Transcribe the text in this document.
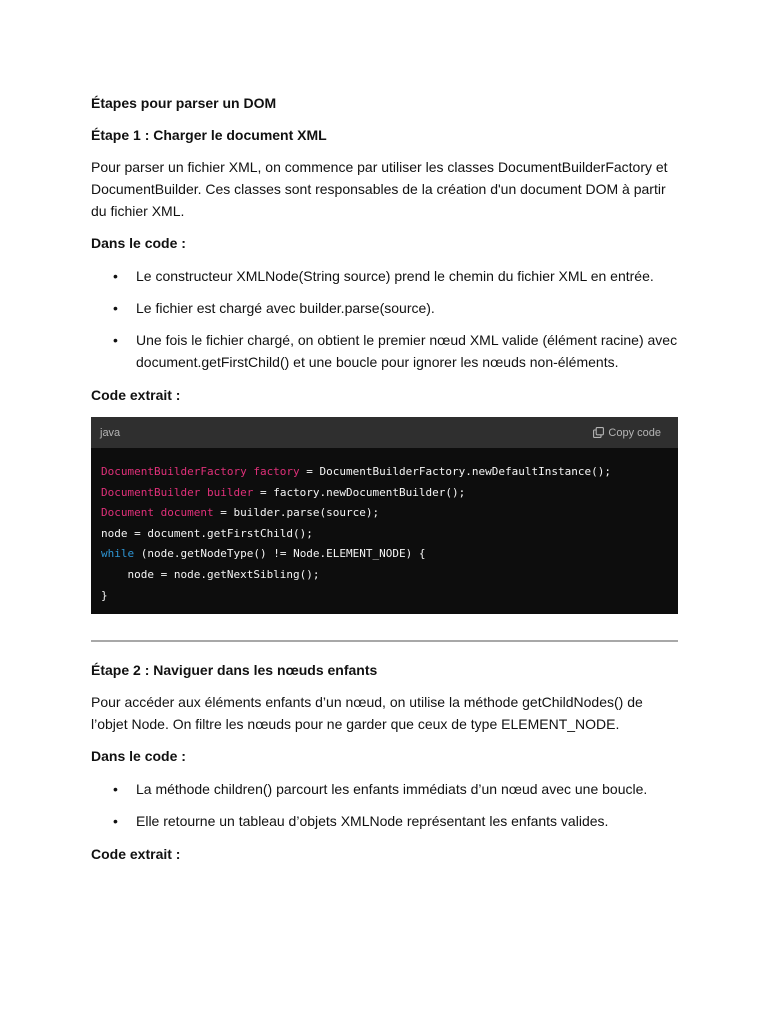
Étapes pour parser un DOM
Étape 1 : Charger le document XML

Pour parser un fichier XML, on commence par utiliser les classes DocumentBuilderFactory et DocumentBuilder. Ces classes sont responsables de la création d'un document DOM à partir du fichier XML.

Dans le code :
• Le constructeur XMLNode(String source) prend le chemin du fichier XML en entrée.
• Le fichier est chargé avec builder.parse(source).
• Une fois le fichier chargé, on obtient le premier nœud XML valide (élément racine) avec document.getFirstChild() et une boucle pour ignorer les nœuds non-éléments.
Code extrait :
java	Copy code
DocumentBuilderFactory factory = DocumentBuilderFactory.newDefaultInstance();
DocumentBuilder builder = factory.newDocumentBuilder();
Document document = builder.parse(source);
node = document.getFirstChild();
while (node.getNodeType() != Node.ELEMENT_NODE) {
node = node.getNextSibling();
}
Étape 2 : Naviguer dans les nœuds enfants

Pour accéder aux éléments enfants d’un nœud, on utilise la méthode getChildNodes() de l’objet Node. On filtre les nœuds pour ne garder que ceux de type ELEMENT_NODE.

Dans le code :
• La méthode children() parcourt les enfants immédiats d’un nœud avec une boucle.
• Elle retourne un tableau d’objets XMLNode représentant les enfants valides.
Code extrait :
